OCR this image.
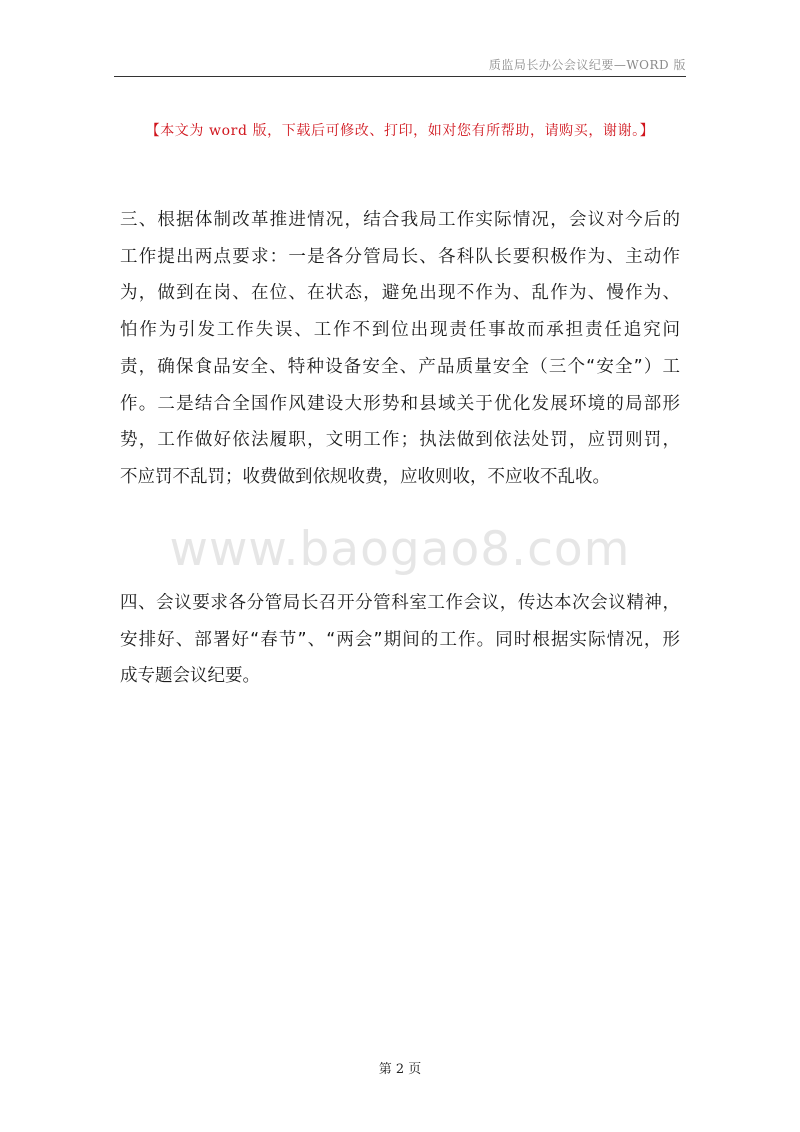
质监局长办公会议纪要—WORD 版
【本文为 word 版，下载后可修改、打印，如对您有所帮助，请购买，谢谢。】
三、根据体制改革推进情况，结合我局工作实际情况，会议对今后的
工作提出两点要求：一是各分管局长、各科队长要积极作为、主动作
为，做到在岗、在位、在状态，避免出现不作为、乱作为、慢作为、
怕作为引发工作失误、工作不到位出现责任事故而承担责任追究问
责，确保食品安全、特种设备安全、产品质量安全（三个“安全”）工
作。二是结合全国作风建设大形势和县域关于优化发展环境的局部形
势，工作做好依法履职，文明工作；执法做到依法处罚，应罚则罚，
不应罚不乱罚；收费做到依规收费，应收则收，不应收不乱收。
www.baogao8.com
四、会议要求各分管局长召开分管科室工作会议，传达本次会议精神，
安排好、部署好“春节”、“两会”期间的工作。同时根据实际情况，形
成专题会议纪要。
第 2 页
